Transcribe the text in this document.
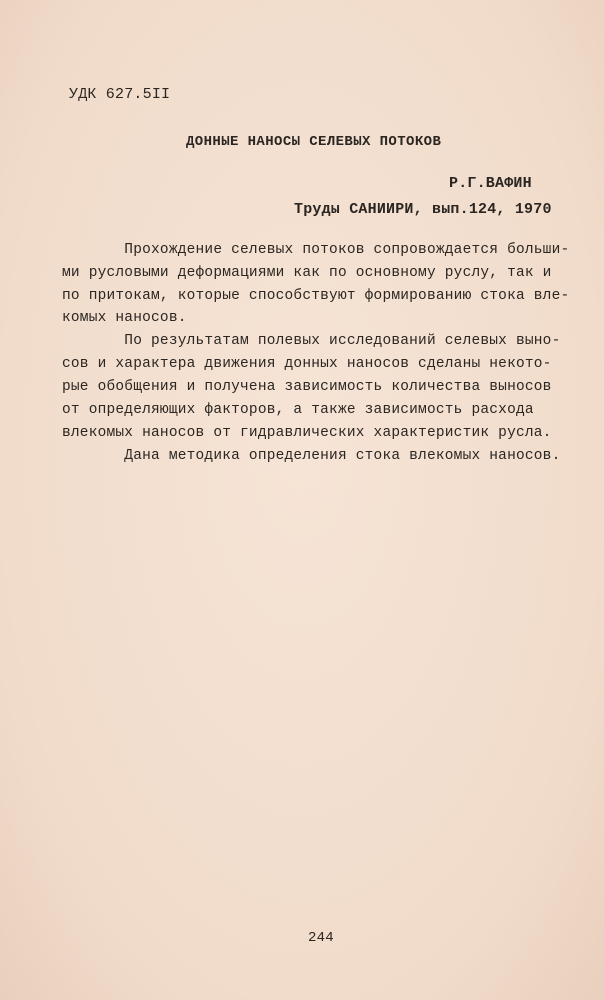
УДК 627.5II
ДОННЫЕ НАНОСЫ СЕЛЕВЫХ ПОТОКОВ
Р.Г.ВАФИН
Труды САНИИРИ, вып.124, 1970
Прохождение селевых потоков сопровождается больши-
ми русловыми деформациями как по основному руслу, так и
по притокам, которые способствуют формированию стока вле-
комых наносов.
По результатам полевых исследований селевых выно-
сов и характера движения донных наносов сделаны некото-
рые обобщения и получена зависимость количества выносов
от определяющих факторов, а также зависимость расхода
влекомых наносов от гидравлических характеристик русла.
Дана методика определения стока влекомых наносов.
244
